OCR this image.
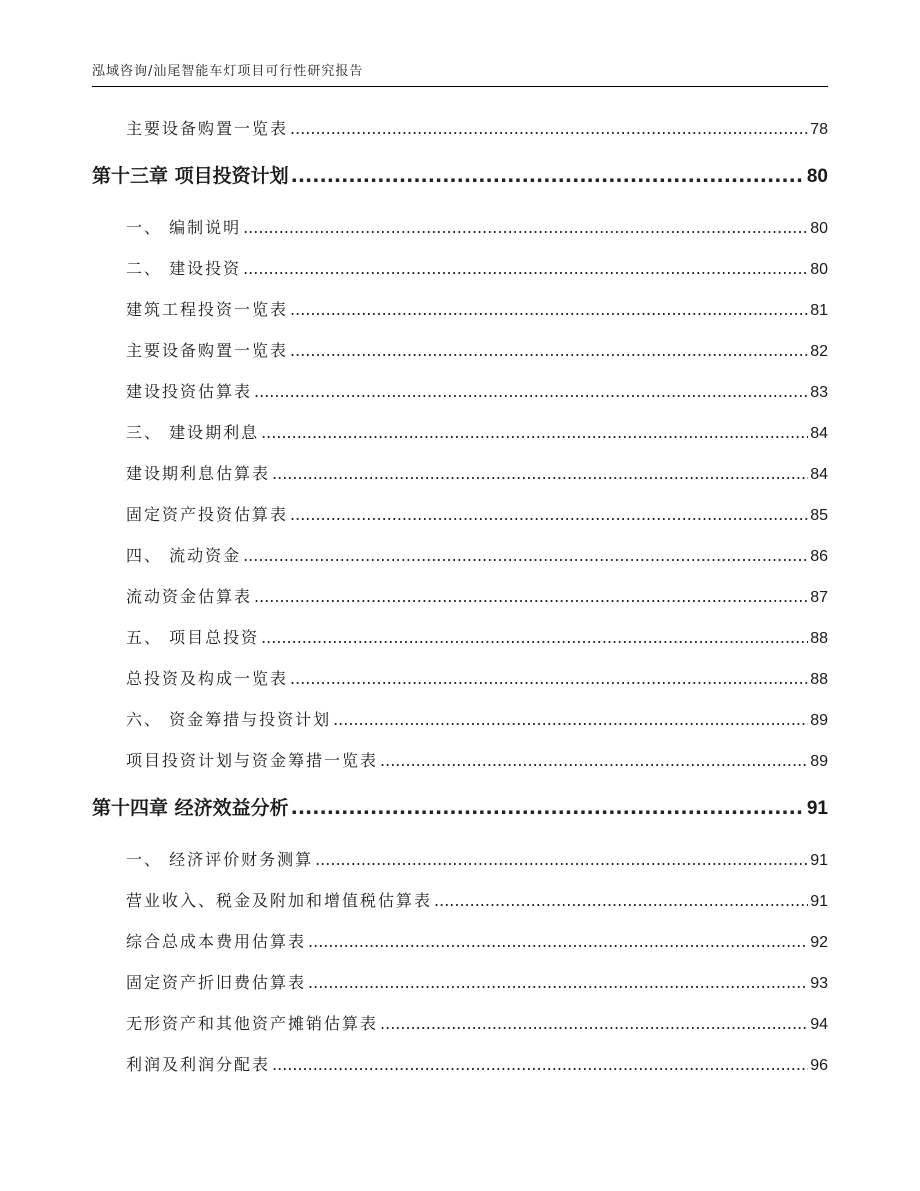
泓域咨询/汕尾智能车灯项目可行性研究报告
主要设备购置一览表 .....	78
第十三章 项目投资计划 .....	80
一、 编制说明 .....	80
二、 建设投资 .....	80
建筑工程投资一览表 .....	81
主要设备购置一览表 .....	82
建设投资估算表 .....	83
三、 建设期利息 .....	84
建设期利息估算表 .....	84
固定资产投资估算表 .....	85
四、 流动资金 .....	86
流动资金估算表 .....	87
五、 项目总投资 .....	88
总投资及构成一览表 .....	88
六、 资金筹措与投资计划 .....	89
项目投资计划与资金筹措一览表 .....	89
第十四章 经济效益分析 .....	91
一、 经济评价财务测算 .....	91
营业收入、税金及附加和增值税估算表 .....	91
综合总成本费用估算表 .....	92
固定资产折旧费估算表 .....	93
无形资产和其他资产摊销估算表 .....	94
利润及利润分配表 .....	96
